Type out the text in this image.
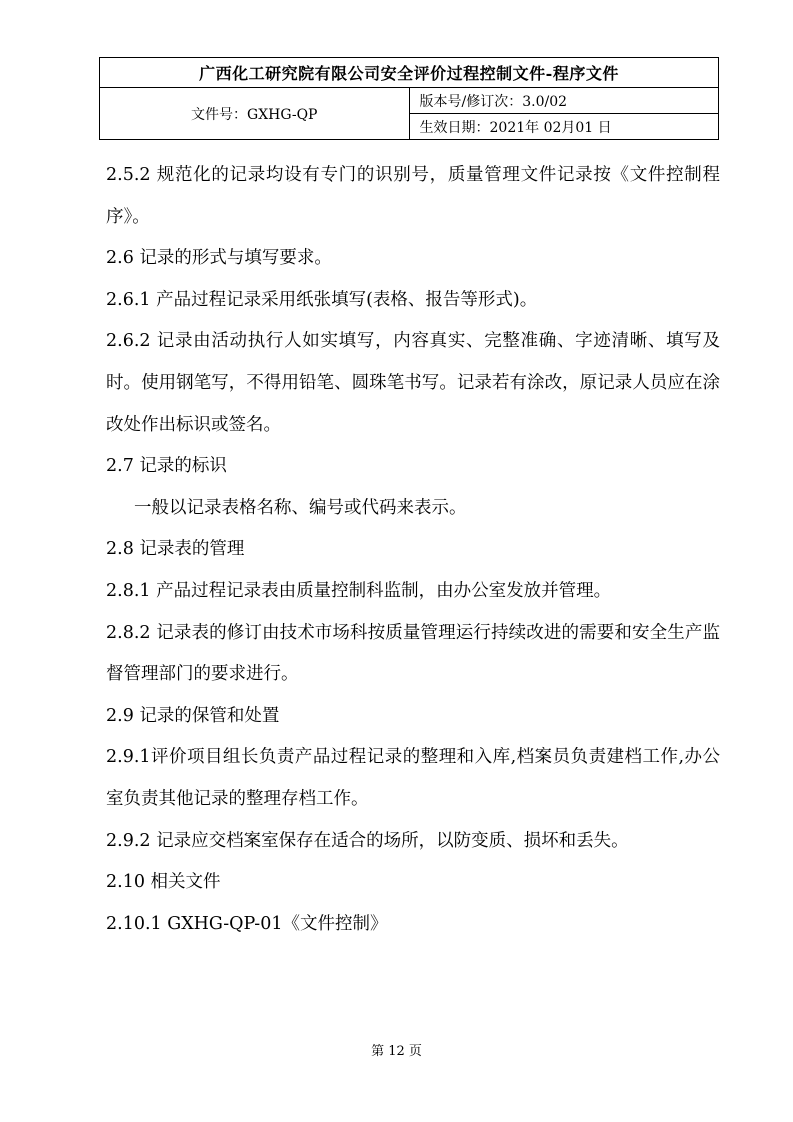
广西化工研究院有限公司安全评价过程控制文件-程序文件
文件号：GXHG-QP	版本号/修订次：3.0/02
生效日期：2021年 02月01 日

2.5.2 规范化的记录均设有专门的识别号，质量管理文件记录按《文件控制程序》。

2.6 记录的形式与填写要求。

2.6.1 产品过程记录采用纸张填写(表格、报告等形式)。

2.6.2 记录由活动执行人如实填写，内容真实、完整准确、字迹清晰、填写及时。使用钢笔写，不得用铅笔、圆珠笔书写。记录若有涂改，原记录人员应在涂改处作出标识或签名。

2.7 记录的标识

一般以记录表格名称、编号或代码来表示。

2.8 记录表的管理

2.8.1 产品过程记录表由质量控制科监制，由办公室发放并管理。

2.8.2 记录表的修订由技术市场科按质量管理运行持续改进的需要和安全生产监督管理部门的要求进行。

2.9 记录的保管和处置

2.9.1评价项目组长负责产品过程记录的整理和入库,档案员负责建档工作,办公室负责其他记录的整理存档工作。

2.9.2 记录应交档案室保存在适合的场所，以防变质、损坏和丢失。

2.10 相关文件

2.10.1 GXHG-QP-01《文件控制》

第 12 页
